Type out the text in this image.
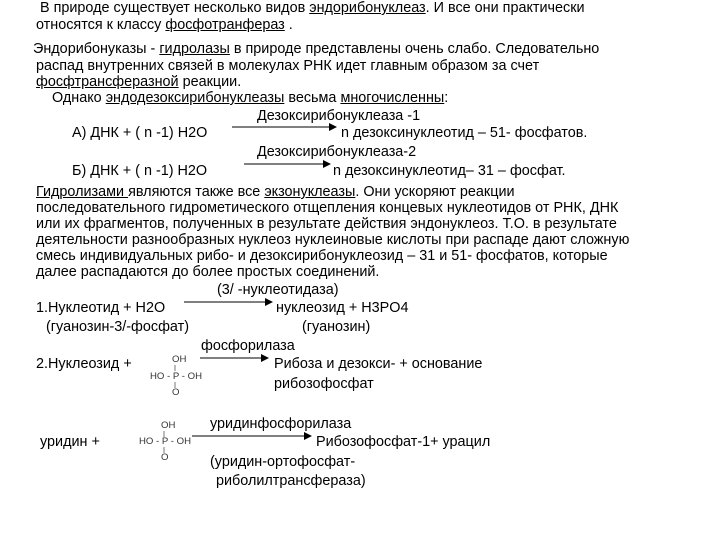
В природе существует несколько видов эндорибонуклеаз. И все они практически
относятся к классу фосфотранфераз .
Эндорибонуказы - гидролазы в природе представлены очень слабо. Следовательно
распад внутренних связей в молекулах РНК идет главным образом за счет
фосфтрансферазной реакции.
Однако эндодезоксирибонуклеазы весьма многочисленны:
Дезоксирибонуклеаза -1
А) ДНК + ( n -1) H2O	n дезоксинуклеотид – 51- фосфатов.
Дезоксирибонуклеаза-2
Б) ДНК + ( n -1) H2O	n дезоксинуклеотид– 31 – фосфат.
Гидролизами являются также все экзонуклеазы. Они ускоряют реакции
последовательного гидрометического отщепления концевых нуклеотидов от РНК, ДНК
или их фрагментов, полученных в результате действия эндонуклеоз. Т.О. в результате
деятельности разнообразных нуклеоз нуклеиновые кислоты при распаде дают сложную
смесь индивидуальных рибо- и дезоксирибонуклеозид – 31 и 51- фосфатов, которые
далее распадаются до более простых соединений.
(3/ -нуклеотидаза)
1.Нуклеотид + H2O	нуклеозид + H3PO4
(гуанозин-3/-фосфат)	(гуанозин)
фосфорилаза
2.Нуклеозид +	OH
HO - P - OH
O
Рибоза и дезокси- + основание
рибозофосфат
уридинфосфорилаза
уридин +
OH
HO - P - OH
O
Рибозофосфат-1+ урацил
(уридин-ортофосфат-
риболилтрансфераза)
